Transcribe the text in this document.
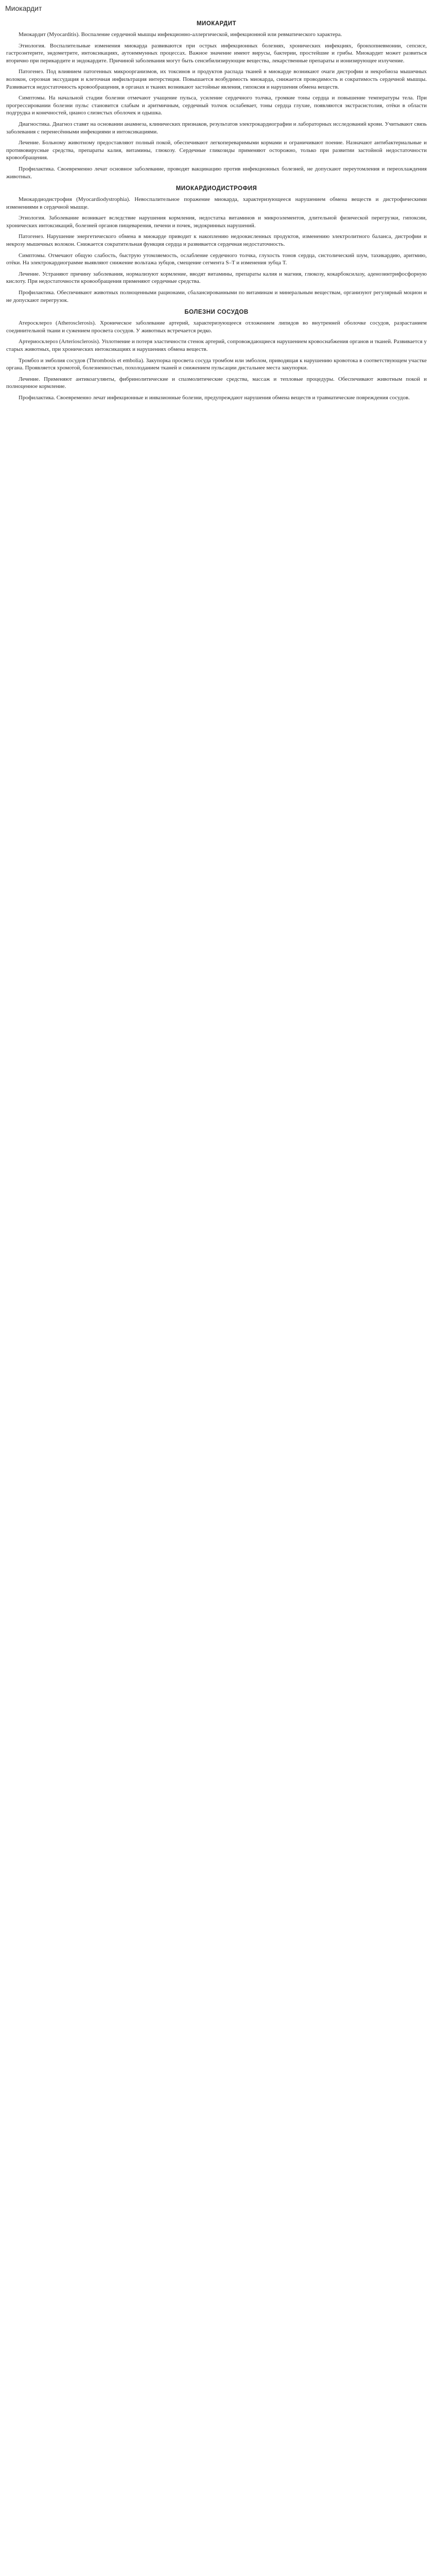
Миокардит
МИОКАРДИТ

Миокардит (Myocarditis). Воспаление сердечной мышцы инфекционно-аллергической, инфекционной или ревматического характера.

Этиология. Воспалительные изменения миокарда развиваются при острых инфекционных болезнях, хронических инфекциях, бронхопневмонии, сепсисе, гастроэнтерите, эндометрите, интоксикациях, аутоиммунных процессах. Важное значение имеют вирусы, бактерии, простейшие и грибы. Миокардит может развиться вторично при перикардите и эндокардите. Причиной заболевания могут быть сенсибилизирующие вещества, лекарственные препараты и ионизирующее излучение.

Патогенез. Под влиянием патогенных микроорганизмов, их токсинов и продуктов распада тканей в миокарде возникают очаги дистрофии и некробиоза мышечных волокон, серозная экссудация и клеточная инфильтрация интерстиция. Повышается возбудимость миокарда, снижается проводимость и сократимость сердечной мышцы. Развивается недостаточность кровообращения, в органах и тканях возникают застойные явления, гипоксия и нарушения обмена веществ.

Симптомы. На начальной стадии болезни отмечают учащение пульса, усиление сердечного толчка, громкие тоны сердца и повышение температуры тела. При прогрессировании болезни пульс становится слабым и аритмичным, сердечный толчок ослабевает, тоны сердца глухие, появляются экстрасистолия, отёки в области подгрудка и конечностей, цианоз слизистых оболочек и одышка.

Диагностика. Диагноз ставят на основании анамнеза, клинических признаков, результатов электрокардиографии и лабораторных исследований крови. Учитывают связь заболевания с перенесёнными инфекциями и интоксикациями.

Лечение. Больному животному предоставляют полный покой, обеспечивают легкопереваримыми кормами и ограничивают поение. Назначают антибактериальные и противовирусные средства, препараты калия, витамины, глюкозу. Сердечные гликозиды применяют осторожно, только при развитии застойной недостаточности кровообращения.

Профилактика. Своевременно лечат основное заболевание, проводят вакцинацию против инфекционных болезней, не допускают переутомления и переохлаждения животных.

МИОКАРДИОДИСТРОФИЯ

Миокардиодистрофия (Myocardiodystrophia). Невоспалительное поражение миокарда, характеризующееся нарушением обмена веществ и дистрофическими изменениями в сердечной мышце.

Этиология. Заболевание возникает вследствие нарушения кормления, недостатка витаминов и микроэлементов, длительной физической перегрузки, гипоксии, хронических интоксикаций, болезней органов пищеварения, печени и почек, эндокринных нарушений.

Патогенез. Нарушение энергетического обмена в миокарде приводит к накоплению недоокисленных продуктов, изменению электролитного баланса, дистрофии и некрозу мышечных волокон. Снижается сократительная функция сердца и развивается сердечная недостаточность.

Симптомы. Отмечают общую слабость, быструю утомляемость, ослабление сердечного толчка, глухость тонов сердца, систолический шум, тахикардию, аритмию, отёки. На электрокардиограмме выявляют снижение вольтажа зубцов, смещение сегмента S–T и изменения зубца T.

Лечение. Устраняют причину заболевания, нормализуют кормление, вводят витамины, препараты калия и магния, глюкозу, кокарбоксилазу, аденозинтрифосфорную кислоту. При недостаточности кровообращения применяют сердечные средства.

Профилактика. Обеспечивают животных полноценными рационами, сбалансированными по витаминам и минеральным веществам, организуют регулярный моцион и не допускают перегрузок.

БОЛЕЗНИ СОСУДОВ

Атеросклероз (Atherosclerosis). Хроническое заболевание артерий, характеризующееся отложением липидов во внутренней оболочке сосудов, разрастанием соединительной ткани и сужением просвета сосудов. У животных встречается редко.

Артериосклероз (Arteriosclerosis). Уплотнение и потеря эластичности стенок артерий, сопровождающиеся нарушением кровоснабжения органов и тканей. Развивается у старых животных, при хронических интоксикациях и нарушениях обмена веществ.

Тромбоз и эмболия сосудов (Thrombosis et embolia). Закупорка просвета сосуда тромбом или эмболом, приводящая к нарушению кровотока в соответствующем участке органа. Проявляется хромотой, болезненностью, похолоданием тканей и снижением пульсации дистальнее места закупорки.

Лечение. Применяют антикоагулянты, фибринолитические и спазмолитические средства, массаж и тепловые процедуры. Обеспечивают животным покой и полноценное кормление.

Профилактика. Своевременно лечат инфекционные и инвазионные болезни, предупреждают нарушения обмена веществ и травматические повреждения сосудов.
